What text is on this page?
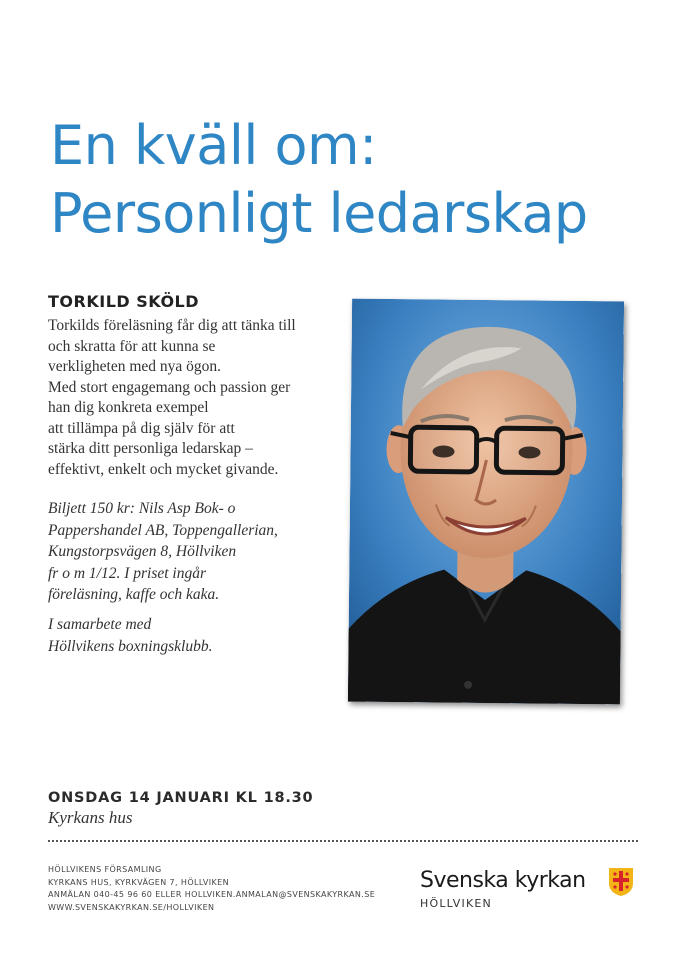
En kväll om:
Personligt ledarskap
TORKILD SKÖLD
Torkilds föreläsning får dig att tänka till
och skratta för att kunna se
verkligheten med nya ögon.
Med stort engagemang och passion ger
han dig konkreta exempel
att tillämpa på dig själv för att
stärka ditt personliga ledarskap –
effektivt, enkelt och mycket givande.
Biljett 150 kr: Nils Asp Bok- o
Pappershandel AB, Toppengallerian,
Kungstorpsvägen 8, Höllviken
fr o m 1/12. I priset ingår
föreläsning, kaffe och kaka.
I samarbete med
Höllvikens boxningsklubb.
ONSDAG 14 JANUARI KL 18.30
Kyrkans hus
HÖLLVIKENS FÖRSAMLING
KYRKANS HUS, KYRKVÄGEN 7, HÖLLVIKEN
ANMÄLAN 040-45 96 60 ELLER HOLLVIKEN.ANMALAN@SVENSKAKYRKAN.SE
WWW.SVENSKAKYRKAN.SE/HOLLVIKEN
Svenska kyrkan
HÖLLVIKEN
